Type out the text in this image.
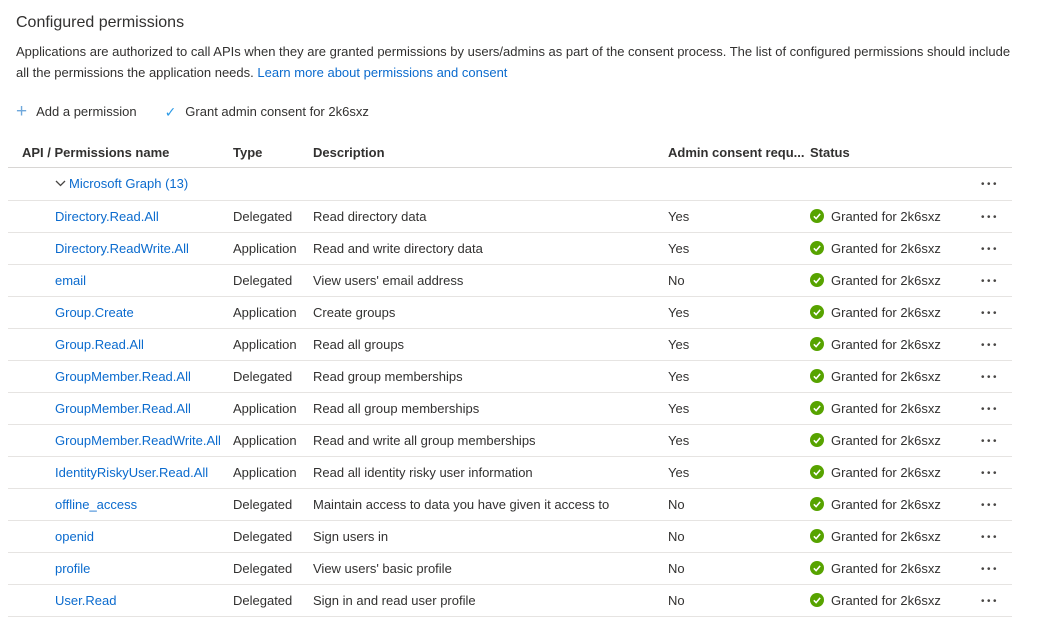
Configured permissions

Applications are authorized to call APIs when they are granted permissions by users/admins as part of the consent process. The list of configured permissions should include all the permissions the application needs. Learn more about permissions and consent

+ Add a permission ✓ Grant admin consent for 2k6sxz
API / Permissions name	Type	Description	Admin consent requ... Status
Microsoft Graph (13)	•••
Directory.Read.All	Delegated	Read directory data	Yes	Granted for 2k6sxz	•••
Directory.ReadWrite.All	Application	Read and write directory data	Yes	Granted for 2k6sxz	•••
email	Delegated	View users' email address	No	Granted for 2k6sxz	•••
Group.Create	Application	Create groups	Yes	Granted for 2k6sxz	•••
Group.Read.All	Application	Read all groups	Yes	Granted for 2k6sxz	•••
GroupMember.Read.All	Delegated	Read group memberships	Yes	Granted for 2k6sxz	•••
GroupMember.Read.All	Application	Read all group memberships	Yes	Granted for 2k6sxz	•••
GroupMember.ReadWrite.All Application	Read and write all group memberships	Yes	Granted for 2k6sxz	•••
IdentityRiskyUser.Read.All	Application	Read all identity risky user information	Yes	Granted for 2k6sxz	•••
offline_access	Delegated	Maintain access to data you have given it access to	No	Granted for 2k6sxz	•••
openid	Delegated	Sign users in	No	Granted for 2k6sxz	•••
profile	Delegated	View users' basic profile	No	Granted for 2k6sxz	•••
User.Read	Delegated	Sign in and read user profile	No	Granted for 2k6sxz	•••
